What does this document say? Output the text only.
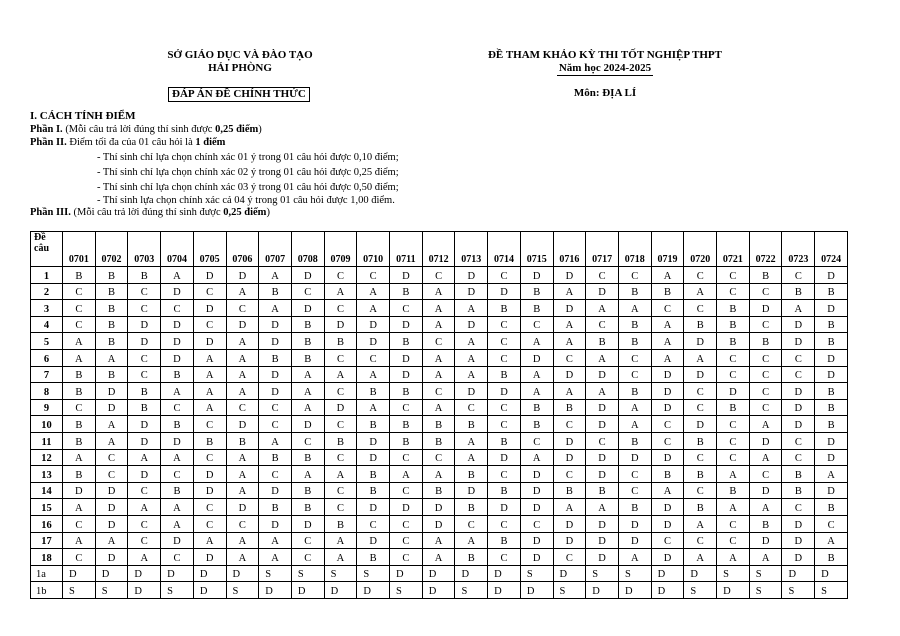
SỞ GIÁO DỤC VÀ ĐÀO TẠO
HẢI PHÒNG
ĐÁP ÁN ĐỀ CHÍNH THỨC
ĐỀ THAM KHẢO KỲ THI TỐT NGHIỆP THPT
Năm học 2024-2025
Môn: ĐỊA LÍ
I. CÁCH TÍNH ĐIỂM
Phần I. (Mỗi câu trả lời đúng thí sinh được 0,25 điểm)
Phần II. Điểm tối đa của 01 câu hỏi là 1 điểm
- Thí sinh chỉ lựa chọn chính xác 01 ý trong 01 câu hỏi được 0,10 điểm;
- Thí sinh chỉ lựa chọn chính xác 02 ý trong 01 câu hỏi được 0,25 điểm;
- Thí sinh chỉ lựa chọn chính xác 03 ý trong 01 câu hỏi được 0,50 điểm;
- Thí sinh lựa chọn chính xác cả 04 ý trong 01 câu hỏi được 1,00 điểm.
Phần III. (Mỗi câu trả lời đúng thí sinh được 0,25 điểm)
Đề
câu	0701	0702	0703	0704	0705	0706	0707	0708	0709	0710	0711	0712	0713	0714	0715	0716	0717	0718	0719	0720	0721	0722	0723	0724
1	B	B	B	A	D	D	A	D	C	C	D	C	D	C	D	D	C	C	A	C	C	B	C	D
2	C	B	C	D	C	A	B	C	A	A	B	A	D	D	B	A	D	B	B	A	C	C	B	B
3	C	B	C	C	D	C	A	D	C	A	C	A	A	B	B	D	A	A	C	C	B	D	A	D
4	C	B	D	D	C	D	D	B	D	D	D	A	D	C	C	A	C	B	A	B	B	C	D	B
5	A	B	D	D	D	A	D	B	B	D	B	C	A	C	A	A	B	B	A	D	B	B	D	B
6	A	A	C	D	A	A	B	B	C	C	D	A	A	C	D	C	A	C	A	A	C	C	C	D
7	B	B	C	B	A	A	D	A	A	A	D	A	A	B	A	D	D	C	D	D	C	C	C	D
8	B	D	B	A	A	A	D	A	C	B	B	C	D	D	A	A	A	B	D	C	D	C	D	B
9	C	D	B	C	A	C	C	A	D	A	C	A	C	C	B	B	D	A	D	C	B	C	D	B
10	B	A	D	B	C	D	C	D	C	B	B	B	B	C	B	C	D	A	C	D	C	A	D	B
11	B	A	D	D	B	B	A	C	B	D	B	B	A	B	C	D	C	B	C	B	C	D	C	D
12	A	C	A	A	C	A	B	B	C	D	C	C	A	D	A	D	D	D	D	C	C	A	C	D
13	B	C	D	C	D	A	C	A	A	B	A	A	B	C	D	C	D	C	B	B	A	C	B	A
14	D	D	C	B	D	A	D	B	C	B	C	B	D	B	D	B	B	C	A	C	B	D	B	D
15	A	D	A	A	C	D	B	B	C	D	D	D	B	D	D	A	A	B	D	B	A	A	C	B
16	C	D	C	A	C	C	D	D	B	C	C	D	C	C	C	D	D	D	D	A	C	B	D	C
17	A	A	C	D	A	A	A	C	A	D	C	A	A	B	D	D	D	D	C	C	C	D	D	A
18	C	D	A	C	D	A	A	C	A	B	C	A	B	C	D	C	D	A	D	A	A	A	D	B
1a	D	D	D	D	D	D	S	S	S	S	D	D	D	D	S	D	S	S	D	D	S	S	D	D
1b	S	S	D	S	D	S	D	D	D	D	S	D	S	D	D	S	D	D	D	S	D	S	S	S
